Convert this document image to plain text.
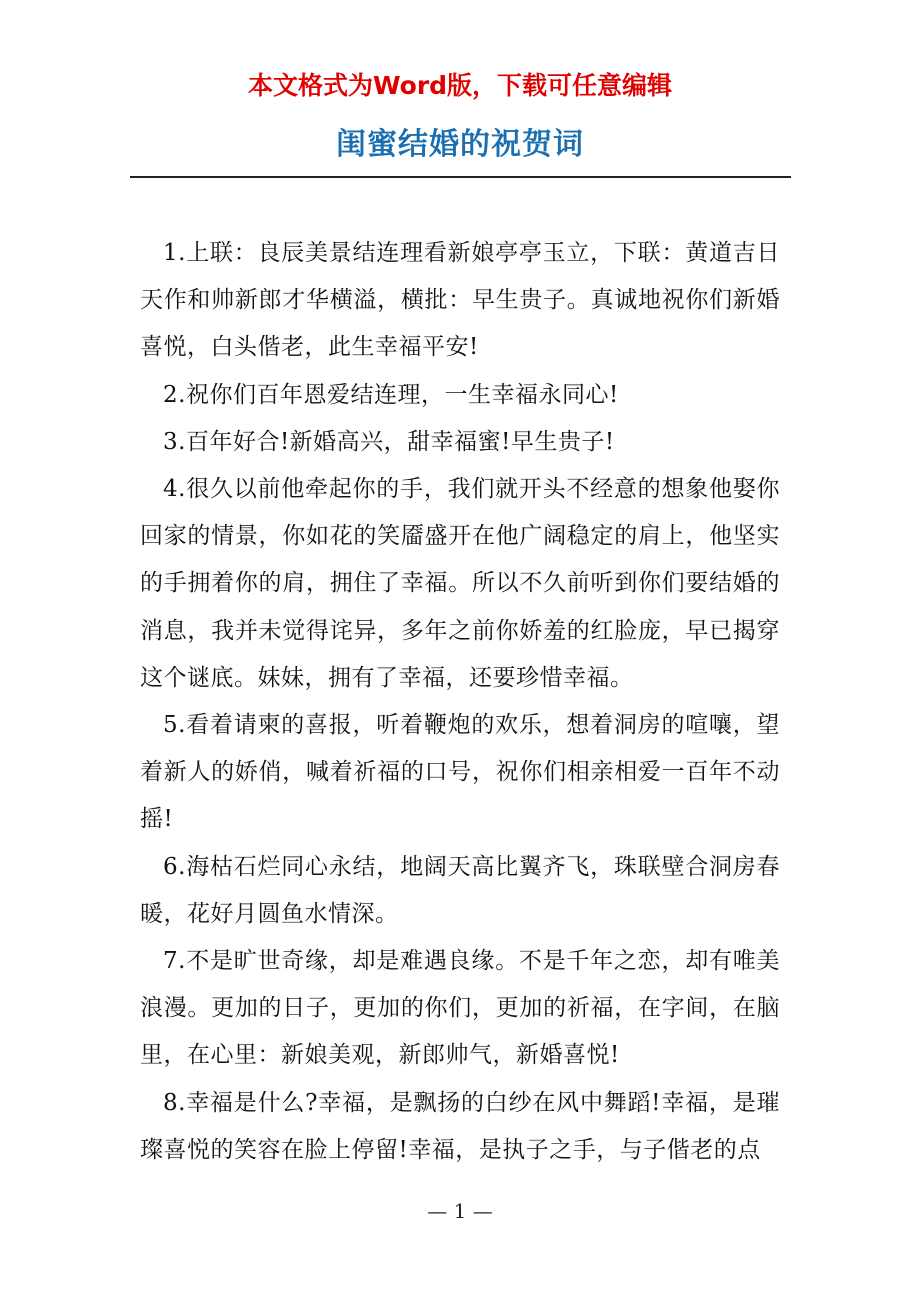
本文格式为Word版，下载可任意编辑
闺蜜结婚的祝贺词

1.上联：良辰美景结连理看新娘亭亭玉立，下联：黄道吉日天作和帅新郎才华横溢，横批：早生贵子。真诚地祝你们新婚喜悦，白头偕老，此生幸福平安!

2.祝你们百年恩爱结连理，一生幸福永同心!

3.百年好合!新婚高兴，甜幸福蜜!早生贵子!

4.很久以前他牵起你的手，我们就开头不经意的想象他娶你回家的情景，你如花的笑靥盛开在他广阔稳定的肩上，他坚实的手拥着你的肩，拥住了幸福。所以不久前听到你们要结婚的消息，我并未觉得诧异，多年之前你娇羞的红脸庞，早已揭穿这个谜底。妹妹，拥有了幸福，还要珍惜幸福。

5.看着请柬的喜报，听着鞭炮的欢乐，想着洞房的喧嚷，望着新人的娇俏，喊着祈福的口号，祝你们相亲相爱一百年不动摇!

6.海枯石烂同心永结，地阔天高比翼齐飞，珠联壁合洞房春暖，花好月圆鱼水情深。

7.不是旷世奇缘，却是难遇良缘。不是千年之恋，却有唯美浪漫。更加的日子，更加的你们，更加的祈福，在字间，在脑里，在心里：新娘美观，新郎帅气，新婚喜悦!

8.幸福是什么?幸福，是飘扬的白纱在风中舞蹈!幸福，是璀璨喜悦的笑容在脸上停留!幸福，是执子之手，与子偕老的点

— 1 —
